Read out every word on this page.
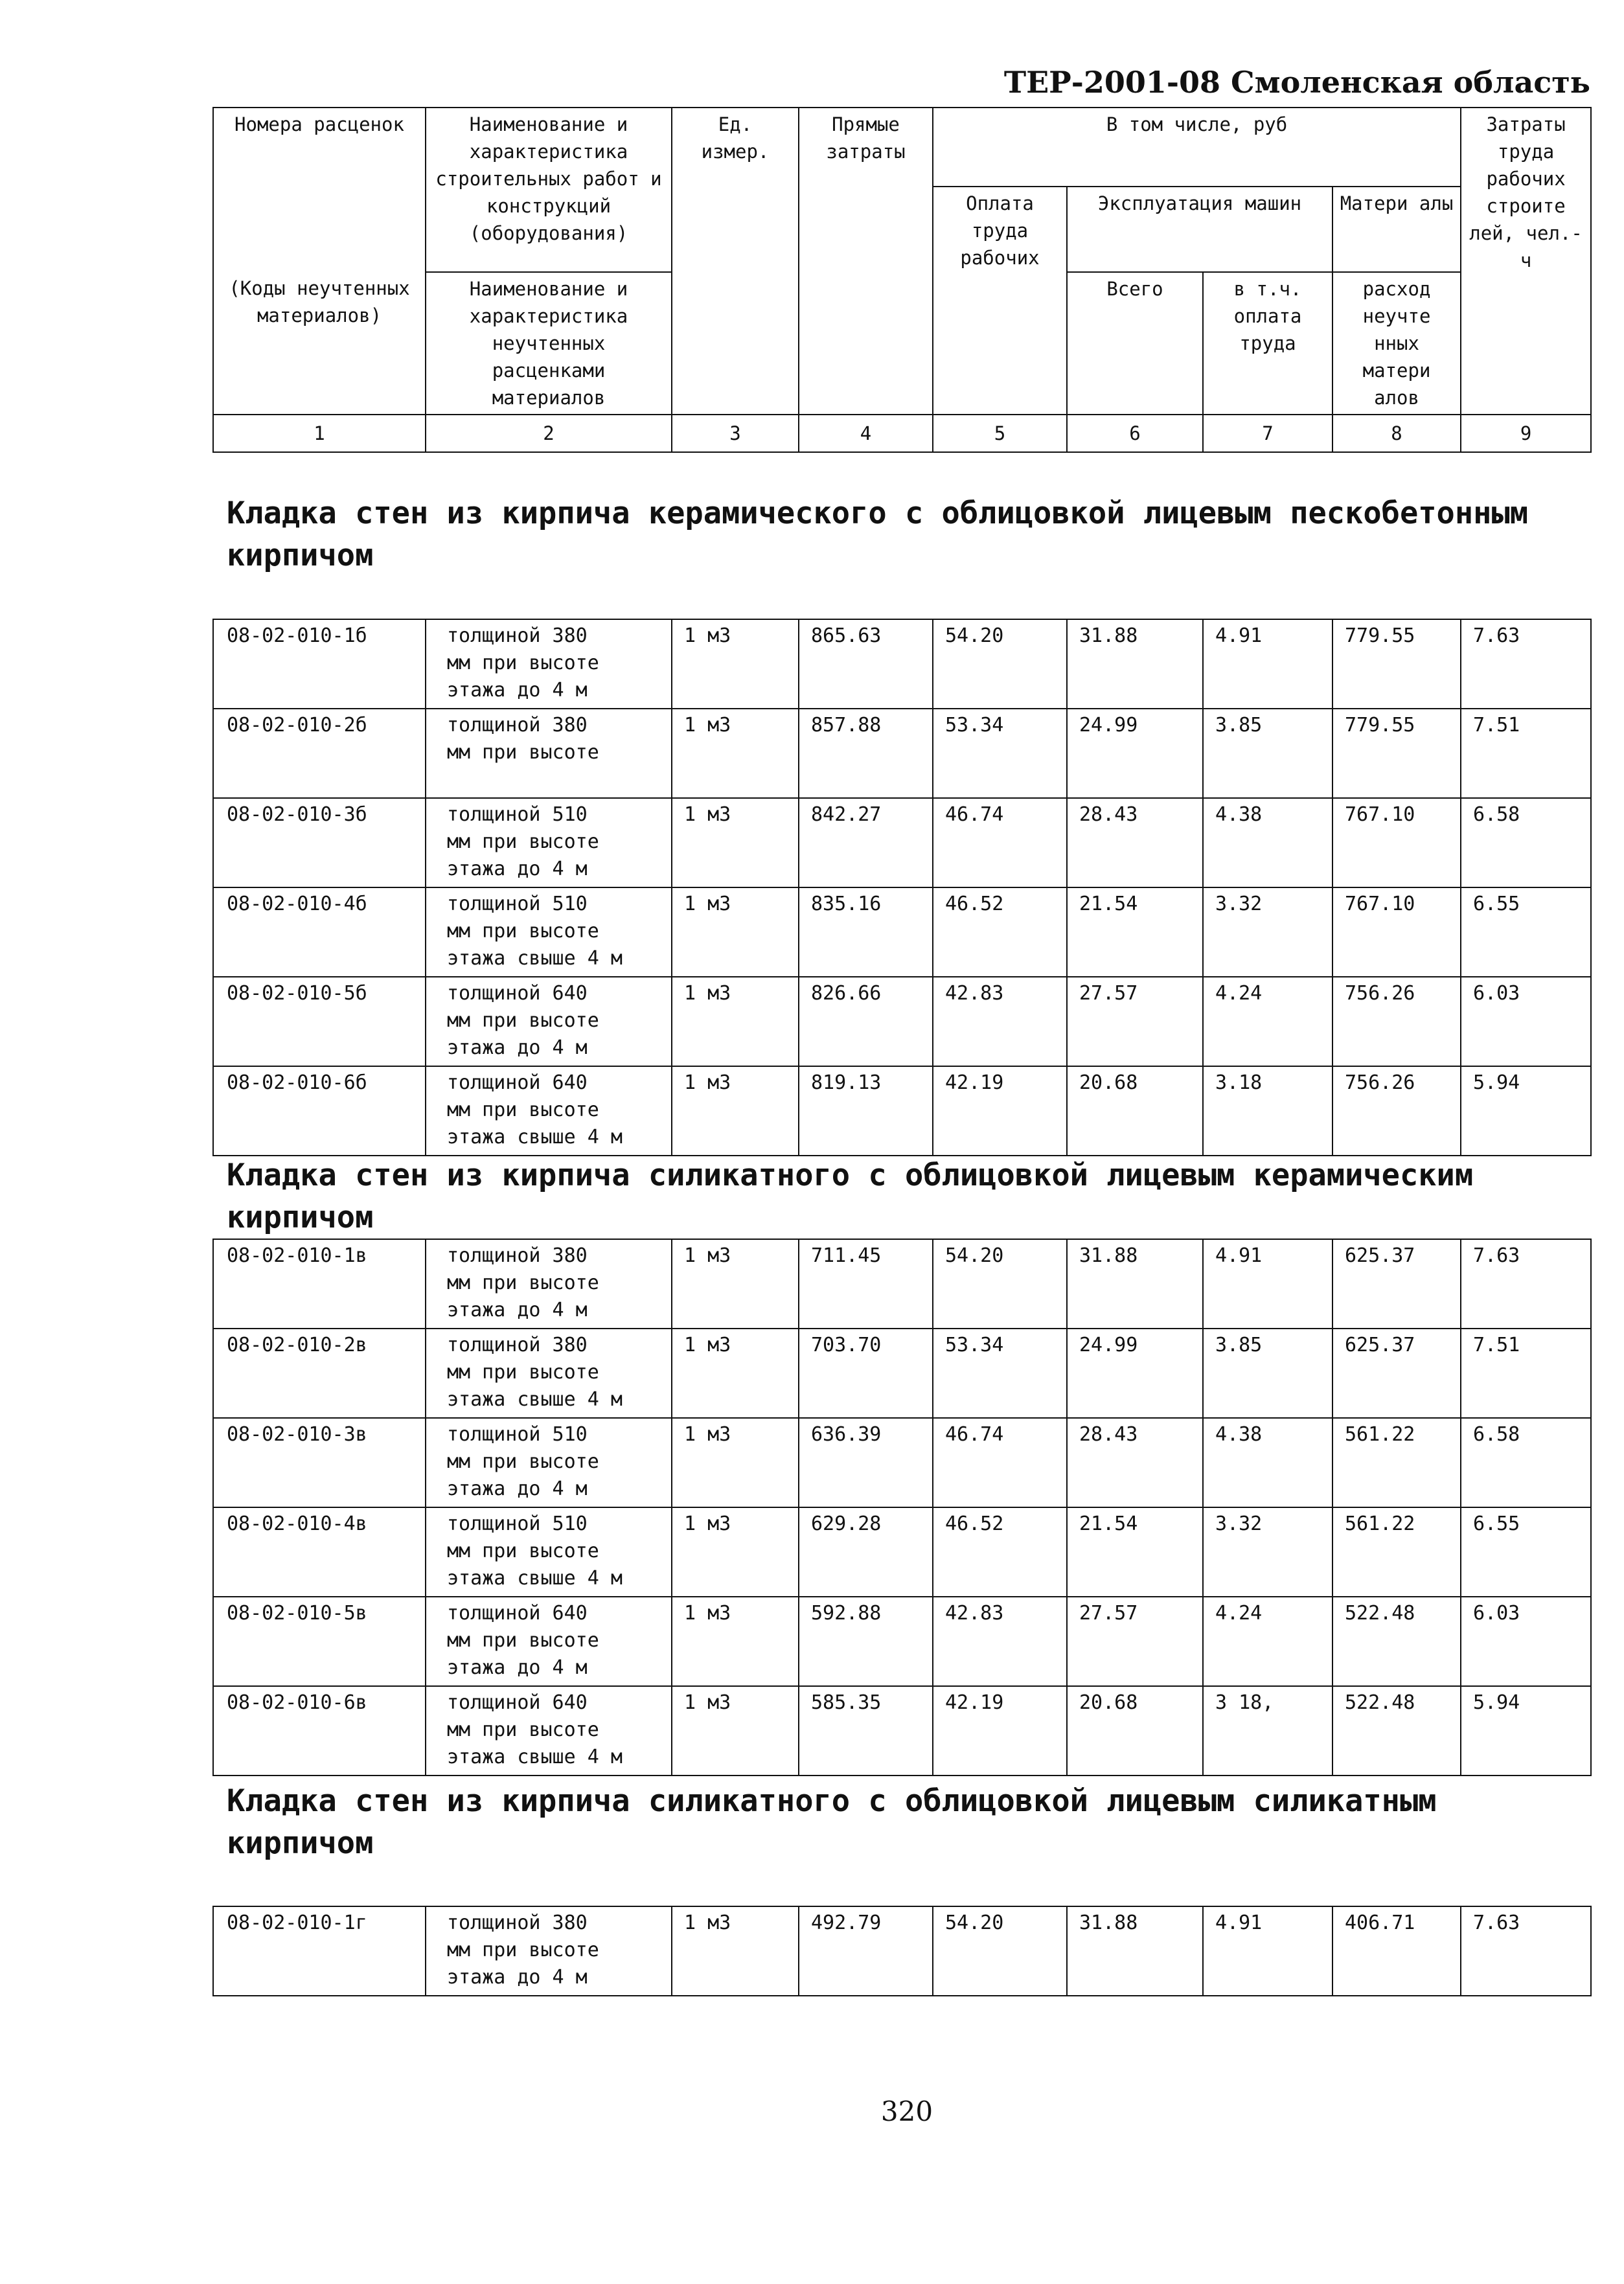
ТЕР-2001-08 Смоленская область
Номера расценок	Наименование и характеристика строительных работ и конструкций (оборудования)	Ед. измер.	Прямые затраты	В том числе, руб				Затраты труда рабочих строите лей, чел.-ч
				Оплата труда рабочих	Эксплуатация машин		Матери алы	
(Коды неучтенных материалов)	Наименование и характеристика неучтенных расценками материалов				Всего	в т.ч. оплата труда	расход неучте нных матери алов	
1	2	3	4	5	6	7	8	9
Кладка стен из кирпича керамического с облицовкой лицевым пескобетонным кирпичом
08-02-010-1б	толщиной 380
мм при высоте
этажа до 4 м	1 м3	865.63	54.20	31.88	4.91	779.55	7.63
08-02-010-2б	толщиной 380
мм при высоте	1 м3	857.88	53.34	24.99	3.85	779.55	7.51
08-02-010-3б	толщиной 510
мм при высоте
этажа до 4 м	1 м3	842.27	46.74	28.43	4.38	767.10	6.58
08-02-010-4б	толщиной 510
мм при высоте
этажа свыше 4 м	1 м3	835.16	46.52	21.54	3.32	767.10	6.55
08-02-010-5б	толщиной 640
мм при высоте
этажа до 4 м	1 м3	826.66	42.83	27.57	4.24	756.26	6.03
08-02-010-6б	толщиной 640
мм при высоте
этажа свыше 4 м	1 м3	819.13	42.19	20.68	3.18	756.26	5.94
Кладка стен из кирпича силикатного с облицовкой лицевым керамическим кирпичом
08-02-010-1в	толщиной 380
мм при высоте
этажа до 4 м	1 м3	711.45	54.20	31.88	4.91	625.37	7.63
08-02-010-2в	толщиной 380
мм при высоте
этажа свыше 4 м	1 м3	703.70	53.34	24.99	3.85	625.37	7.51
08-02-010-3в	толщиной 510
мм при высоте
этажа до 4 м	1 м3	636.39	46.74	28.43	4.38	561.22	6.58
08-02-010-4в	толщиной 510
мм при высоте
этажа свыше 4 м	1 м3	629.28	46.52	21.54	3.32	561.22	6.55
08-02-010-5в	толщиной 640
мм при высоте
этажа до 4 м	1 м3	592.88	42.83	27.57	4.24	522.48	6.03
08-02-010-6в	толщиной 640
мм при высоте
этажа свыше 4 м	1 м3	585.35	42.19	20.68	3 18,	522.48	5.94
Кладка стен из кирпича силикатного с облицовкой лицевым силикатным кирпичом
08-02-010-1г	толщиной 380
мм при высоте
этажа до 4 м	1 м3	492.79	54.20	31.88	4.91	406.71	7.63
320
